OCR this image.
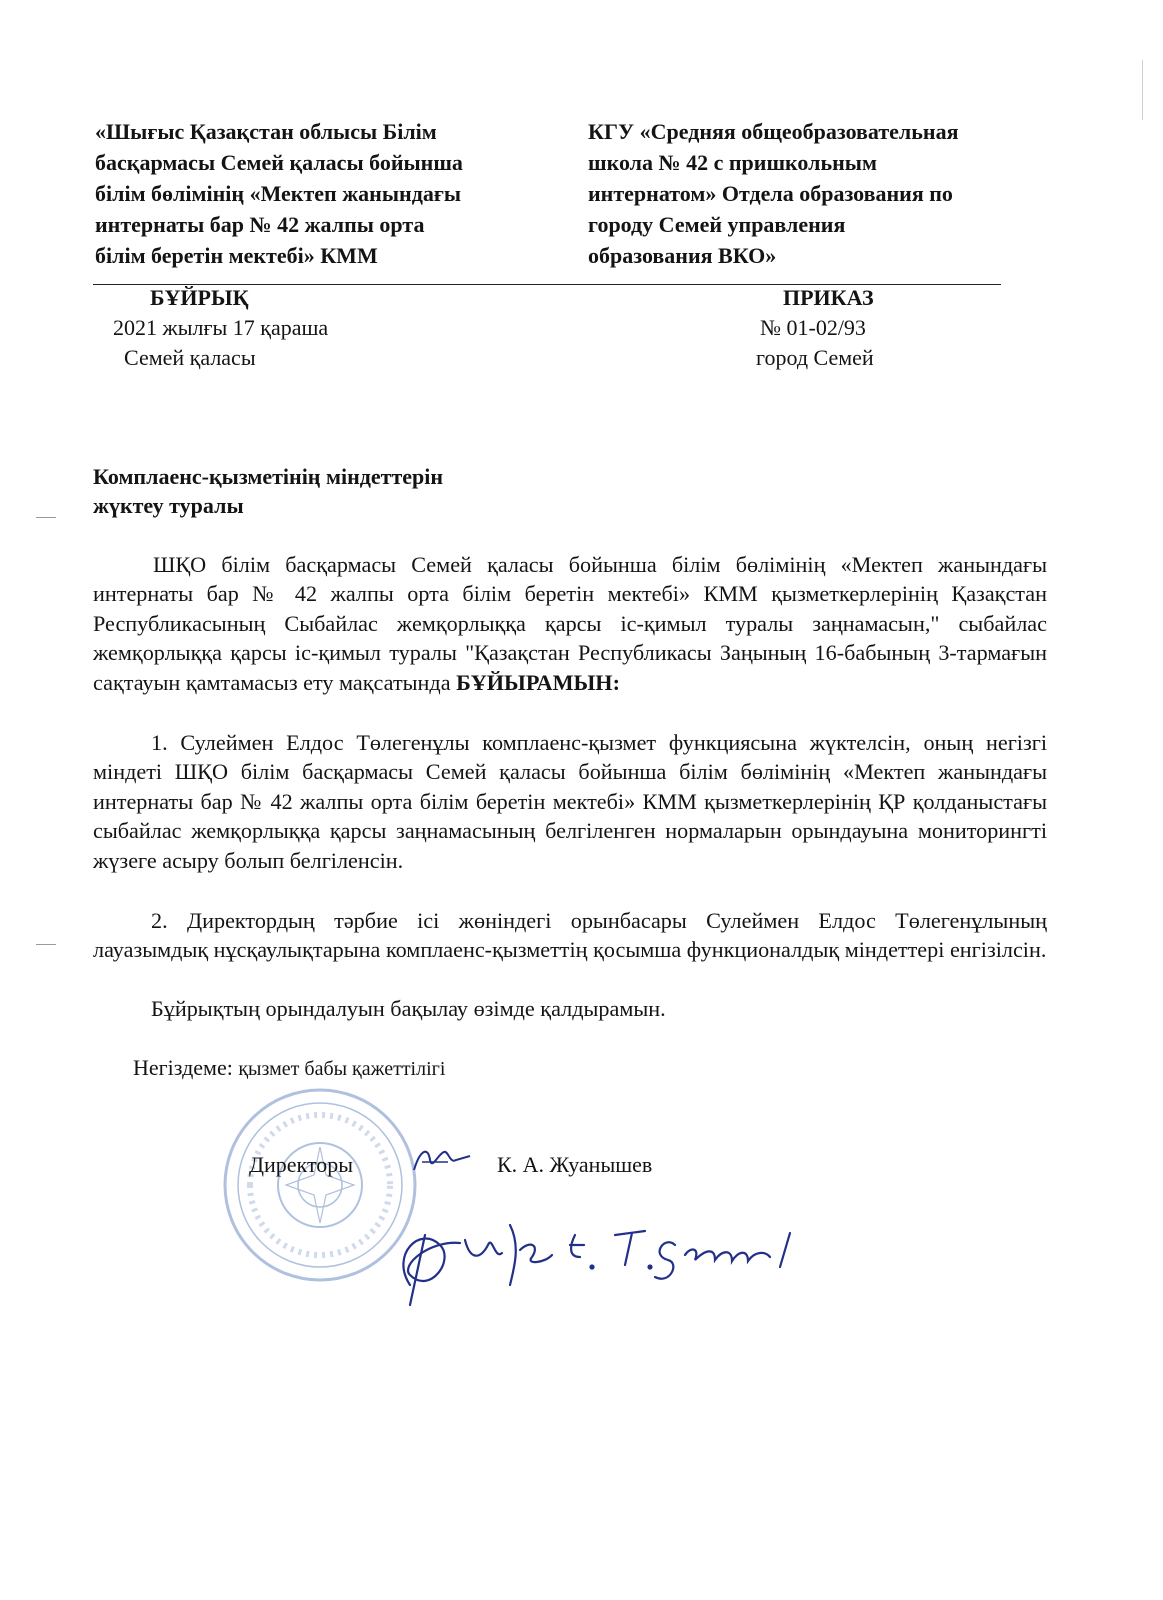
«Шығыс Қазақстан облысы Білім
басқармасы Семей қаласы бойынша
білім бөлімінің «Мектеп жанындағы
интернаты бар № 42 жалпы орта
білім беретін мектебі» КММ
КГУ «Средняя общеобразовательная
школа № 42 с пришкольным
интернатом» Отдела образования по
городу Семей управления
образования ВКО»
БҰЙРЫҚ
2021 жылғы 17 қараша
Семей қаласы
ПРИКАЗ
№ 01-02/93
город Семей
Комплаенс-қызметінің міндеттерін
жүктеу туралы

ШҚО білім басқармасы Семей қаласы бойынша білім бөлімінің «Мектеп жанындағы интернаты бар № 42 жалпы орта білім беретін мектебі» КММ қызметкерлерінің Қазақстан Республикасының Сыбайлас жемқорлыққа қарсы іс-қимыл туралы заңнамасын," сыбайлас жемқорлыққа қарсы іс-қимыл туралы "Қазақстан Республикасы Заңының 16-бабының 3-тармағын сақтауын қамтамасыз ету мақсатында БҰЙЫРАМЫН:

1. Сулеймен Елдос Төлегенұлы комплаенс-қызмет функциясына жүктелсін, оның негізгі міндеті ШҚО білім басқармасы Семей қаласы бойынша білім бөлімінің «Мектеп жанындағы интернаты бар № 42 жалпы орта білім беретін мектебі» КММ қызметкерлерінің ҚР қолданыстағы сыбайлас жемқорлыққа қарсы заңнамасының белгіленген нормаларын орындауына мониторингті жүзеге асыру болып белгіленсін.

2. Директордың тәрбие ісі жөніндегі орынбасары Сулеймен Елдос Төлегенұлының лауазымдық нұсқаулықтарына комплаенс-қызметтің қосымша функционалдық міндеттері енгізілсін.

Бұйрықтың орындалуын бақылау өзімде қалдырамын.

Негіздеме: қызмет бабы қажеттілігі
Директоры	К. А. Жуанышев
